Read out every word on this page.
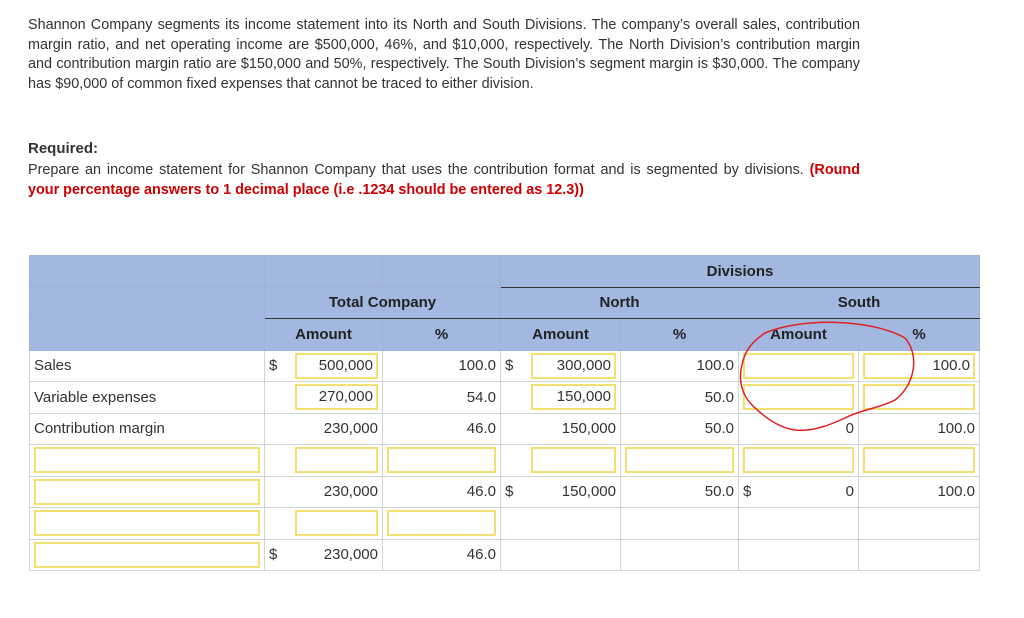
Shannon Company segments its income statement into its North and South Divisions. The company’s overall sales, contribution margin ratio, and net operating income are $500,000, 46%, and $10,000, respectively. The North Division’s contribution margin and contribution margin ratio are $150,000 and 50%, respectively. The South Division’s segment margin is $30,000. The company has $90,000 of common fixed expenses that cannot be traced to either division.

Required:

Prepare an income statement for Shannon Company that uses the contribution format and is segmented by divisions. (Round your percentage answers to 1 decimal place (i.e .1234 should be entered as 12.3))

			Divisions			
	Total Company		North		South	
	Amount	%	Amount	%	Amount	%
Sales	$ 500,000	100.0	$ 300,000	100.0		100.0

Variable expenses	270,000	54.0	150,000	50.0	

Contribution margin	230,000	46.0	150,000	50.0	0	100.0

	230,000	46.0	$ 150,000	50.0	$ 0	100.0

	$ 230,000	46.0				
